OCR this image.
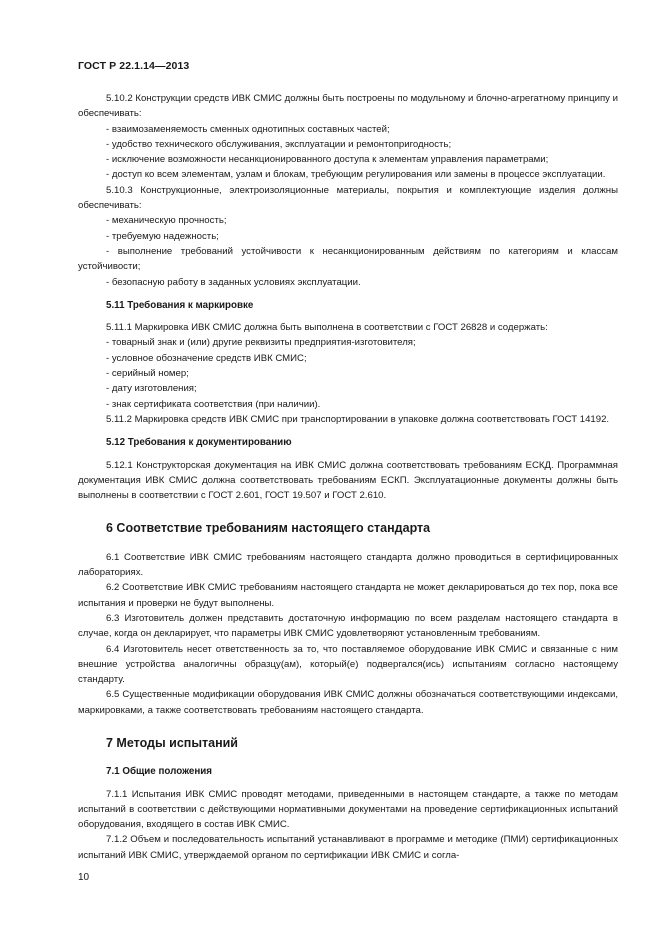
ГОСТ Р 22.1.14—2013
5.10.2 Конструкции средств ИВК СМИС должны быть построены по модульному и блочно-агрегатному принципу и обеспечивать:
- взаимозаменяемость сменных однотипных составных частей;
- удобство технического обслуживания, эксплуатации и ремонтопригодность;
- исключение возможности несанкционированного доступа к элементам управления параметрами;
- доступ ко всем элементам, узлам и блокам, требующим регулирования или замены в процессе эксплуатации.
5.10.3 Конструкционные, электроизоляционные материалы, покрытия и комплектующие изделия должны обеспечивать:
- механическую прочность;
- требуемую надежность;
- выполнение требований устойчивости к несанкционированным действиям по категориям и классам устойчивости;
- безопасную работу в заданных условиях эксплуатации.
5.11 Требования к маркировке
5.11.1 Маркировка ИВК СМИС должна быть выполнена в соответствии с ГОСТ 26828 и содержать:
- товарный знак и (или) другие реквизиты предприятия-изготовителя;
- условное обозначение средств ИВК СМИС;
- серийный номер;
- дату изготовления;
- знак сертификата соответствия (при наличии).
5.11.2 Маркировка средств ИВК СМИС при транспортировании в упаковке должна соответствовать ГОСТ 14192.
5.12 Требования к документированию
5.12.1 Конструкторская документация на ИВК СМИС должна соответствовать требованиям ЕСКД. Программная документация ИВК СМИС должна соответствовать требованиям ЕСКП. Эксплуатационные документы должны быть выполнены в соответствии с ГОСТ 2.601, ГОСТ 19.507 и ГОСТ 2.610.
6 Соответствие требованиям настоящего стандарта
6.1 Соответствие ИВК СМИС требованиям настоящего стандарта должно проводиться в сертифицированных лабораториях.
6.2 Соответствие ИВК СМИС требованиям настоящего стандарта не может декларироваться до тех пор, пока все испытания и проверки не будут выполнены.
6.3 Изготовитель должен представить достаточную информацию по всем разделам настоящего стандарта в случае, когда он декларирует, что параметры ИВК СМИС удовлетворяют установленным требованиям.
6.4 Изготовитель несет ответственность за то, что поставляемое оборудование ИВК СМИС и связанные с ним внешние устройства аналогичны образцу(ам), который(е) подвергался(ись) испытаниям согласно настоящему стандарту.
6.5 Существенные модификации оборудования ИВК СМИС должны обозначаться соответствующими индексами, маркировками, а также соответствовать требованиям настоящего стандарта.
7 Методы испытаний
7.1 Общие положения
7.1.1 Испытания ИВК СМИС проводят методами, приведенными в настоящем стандарте, а также по методам испытаний в соответствии с действующими нормативными документами на проведение сертификационных испытаний оборудования, входящего в состав ИВК СМИС.
7.1.2 Объем и последовательность испытаний устанавливают в программе и методике (ПМИ) сертификационных испытаний ИВК СМИС, утверждаемой органом по сертификации ИВК СМИС и согла-
10
